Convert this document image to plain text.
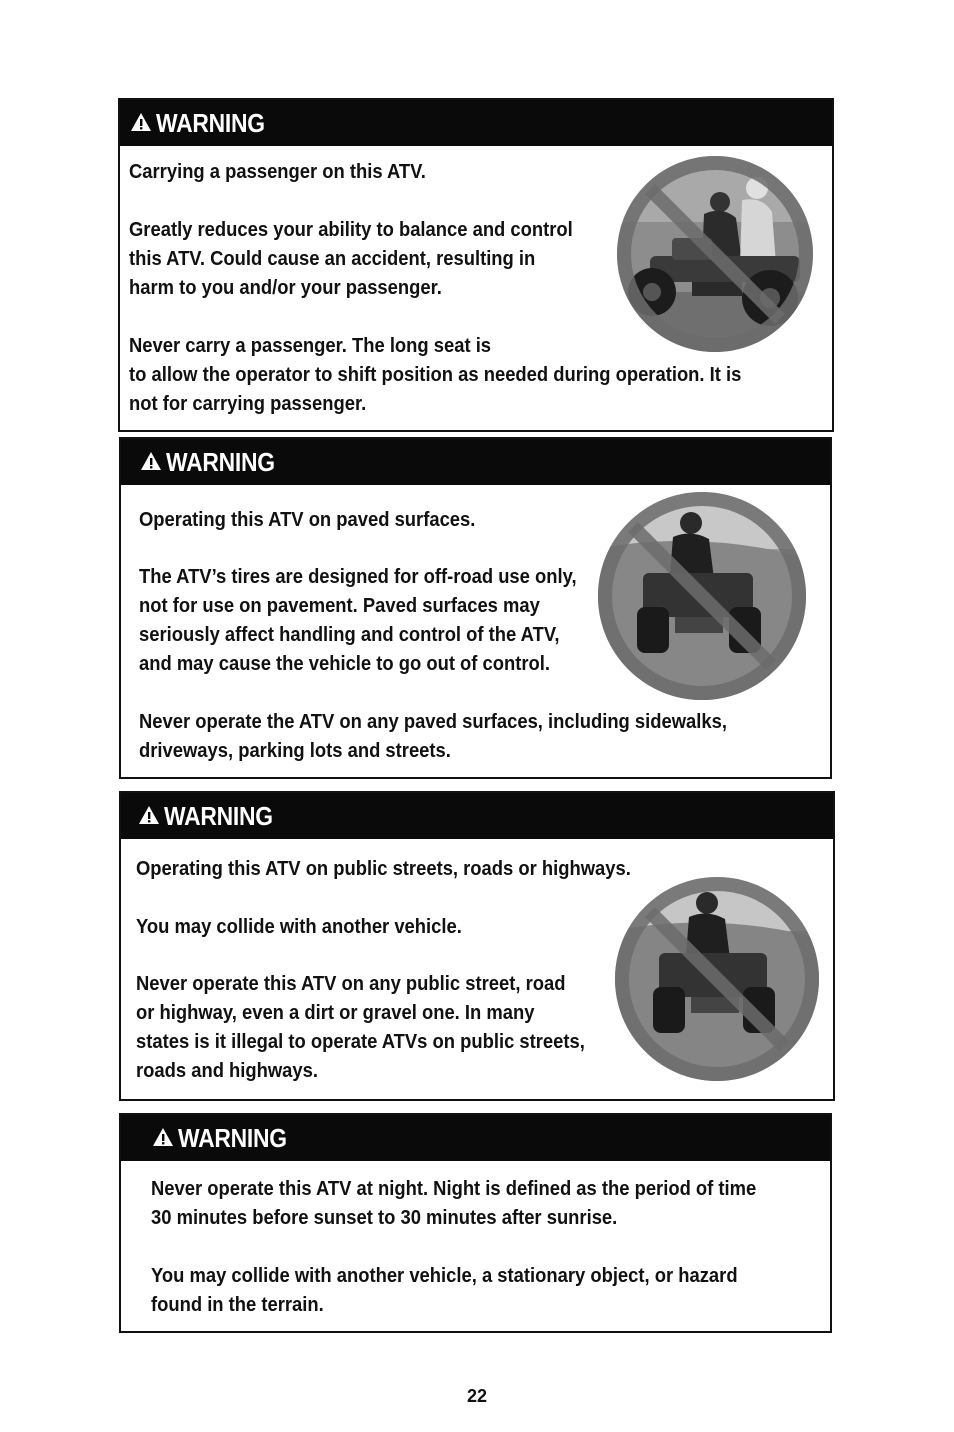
WARNING

Carrying a passenger on this ATV.

Greatly reduces your ability to balance and control
this ATV. Could cause an accident, resulting in
harm to you and/or your passenger.

Never carry a passenger. The long seat is
to allow the operator to shift position as needed during operation. It is
not for carrying passenger.

WARNING

Operating this ATV on paved surfaces.

The ATV’s tires are designed for off-road use only,
not for use on pavement. Paved surfaces may
seriously affect handling and control of the ATV,
and may cause the vehicle to go out of control.

Never operate the ATV on any paved surfaces, including sidewalks,
driveways, parking lots and streets.

WARNING

Operating this ATV on public streets, roads or highways.

You may collide with another vehicle.

Never operate this ATV on any public street, road
or highway, even a dirt or gravel one. In many
states is it illegal to operate ATVs on public streets,
roads and highways.

WARNING

Never operate this ATV at night. Night is defined as the period of time
30 minutes before sunset to 30 minutes after sunrise.

You may collide with another vehicle, a stationary object, or hazard
found in the terrain.

22
